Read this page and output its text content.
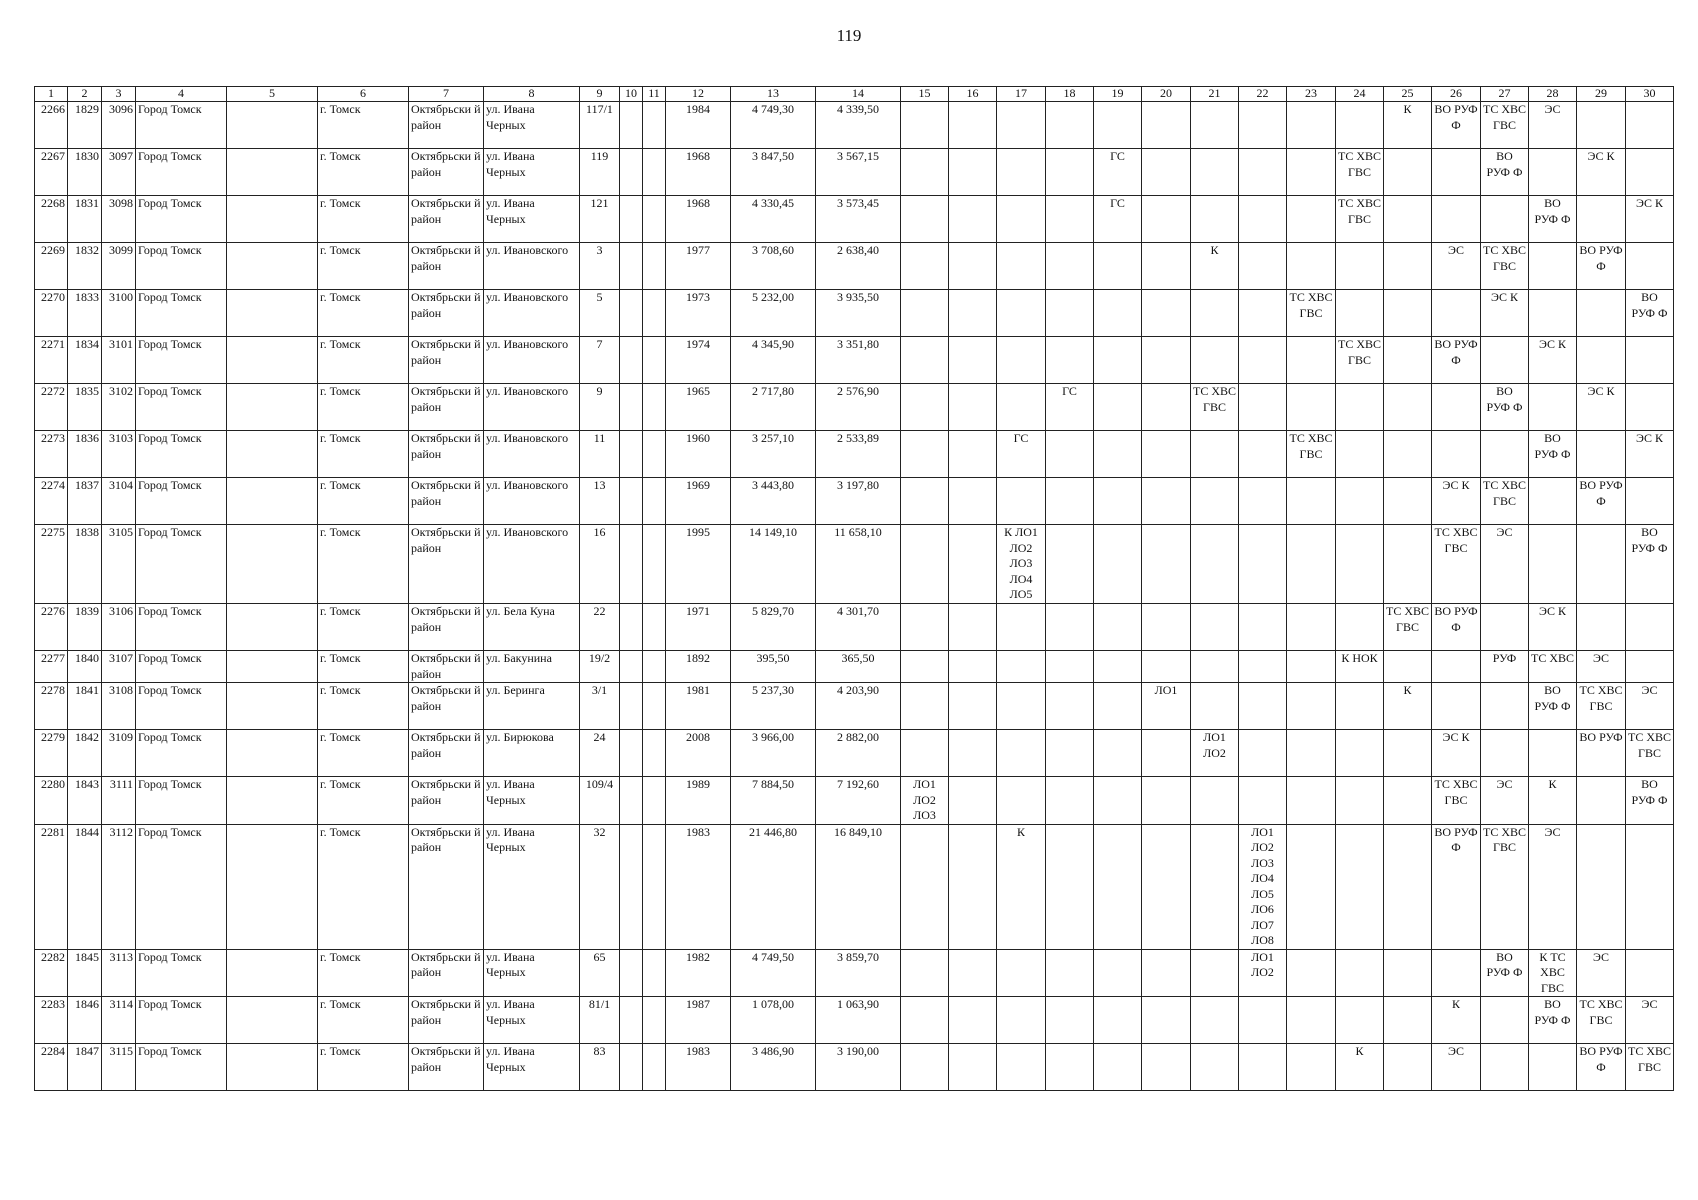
119
1	2	3	4	5	6	7	8	9	10	11	12	13	14	15	16	17	18	19	20	21	22	23	24	25	26	27	28	29	30
2266	1829	3096	Город Томск		г. Томск	Октябрьски й район	ул. Ивана Черных	117/1			1984	4 749,30	4 339,50											К	ВО РУФ Ф	ТС ХВС ГВС	ЭС		
2267	1830	3097	Город Томск		г. Томск	Октябрьски й район	ул. Ивана Черных	119			1968	3 847,50	3 567,15					ГС					ТС ХВС ГВС			ВО РУФ Ф		ЭС К	
2268	1831	3098	Город Томск		г. Томск	Октябрьски й район	ул. Ивана Черных	121			1968	4 330,45	3 573,45					ГС					ТС ХВС ГВС				ВО РУФ Ф		ЭС К
2269	1832	3099	Город Томск		г. Томск	Октябрьски й район	ул. Ивановского	3			1977	3 708,60	2 638,40							К					ЭС	ТС ХВС ГВС		ВО РУФ Ф	
2270	1833	3100	Город Томск		г. Томск	Октябрьски й район	ул. Ивановского	5			1973	5 232,00	3 935,50									ТС ХВС ГВС				ЭС К			ВО РУФ Ф
2271	1834	3101	Город Томск		г. Томск	Октябрьски й район	ул. Ивановского	7			1974	4 345,90	3 351,80										ТС ХВС ГВС		ВО РУФ Ф		ЭС К		
2272	1835	3102	Город Томск		г. Томск	Октябрьски й район	ул. Ивановского	9			1965	2 717,80	2 576,90				ГС			ТС ХВС ГВС						ВО РУФ Ф		ЭС К	
2273	1836	3103	Город Томск		г. Томск	Октябрьски й район	ул. Ивановского	11			1960	3 257,10	2 533,89			ГС						ТС ХВС ГВС					ВО РУФ Ф		ЭС К
2274	1837	3104	Город Томск		г. Томск	Октябрьски й район	ул. Ивановского	13			1969	3 443,80	3 197,80												ЭС К	ТС ХВС ГВС		ВО РУФ Ф	
2275	1838	3105	Город Томск		г. Томск	Октябрьски й район	ул. Ивановского	16			1995	14 149,10	11 658,10			К ЛО1 ЛО2 ЛО3 ЛО4 ЛО5									ТС ХВС ГВС	ЭС			ВО РУФ Ф
2276	1839	3106	Город Томск		г. Томск	Октябрьски й район	ул. Бела Куна	22			1971	5 829,70	4 301,70											ТС ХВС ГВС	ВО РУФ Ф		ЭС К		
2277	1840	3107	Город Томск		г. Томск	Октябрьски й район	ул. Бакунина	19/2			1892	395,50	365,50										К НОК			РУФ	ТС ХВС	ЭС	
2278	1841	3108	Город Томск		г. Томск	Октябрьски й район	ул. Беринга	3/1			1981	5 237,30	4 203,90						ЛО1					К			ВО РУФ Ф	ТС ХВС ГВС	ЭС
2279	1842	3109	Город Томск		г. Томск	Октябрьски й район	ул. Бирюкова	24			2008	3 966,00	2 882,00							ЛО1 ЛО2					ЭС К			ВО РУФ	ТС ХВС ГВС
2280	1843	3111	Город Томск		г. Томск	Октябрьски й район	ул. Ивана Черных	109/4			1989	7 884,50	7 192,60	ЛО1 ЛО2 ЛО3											ТС ХВС ГВС	ЭС	К		ВО РУФ Ф
2281	1844	3112	Город Томск		г. Томск	Октябрьски й район	ул. Ивана Черных	32			1983	21 446,80	16 849,10			К					ЛО1 ЛО2 ЛО3 ЛО4 ЛО5 ЛО6 ЛО7 ЛО8				ВО РУФ Ф	ТС ХВС ГВС	ЭС		
2282	1845	3113	Город Томск		г. Томск	Октябрьски й район	ул. Ивана Черных	65			1982	4 749,50	3 859,70								ЛО1 ЛО2					ВО РУФ Ф	К ТС ХВС ГВС	ЭС	
2283	1846	3114	Город Томск		г. Томск	Октябрьски й район	ул. Ивана Черных	81/1			1987	1 078,00	1 063,90												К		ВО РУФ Ф	ТС ХВС ГВС	ЭС
2284	1847	3115	Город Томск		г. Томск	Октябрьски й район	ул. Ивана Черных	83			1983	3 486,90	3 190,00										К		ЭС			ВО РУФ Ф	ТС ХВС ГВС
